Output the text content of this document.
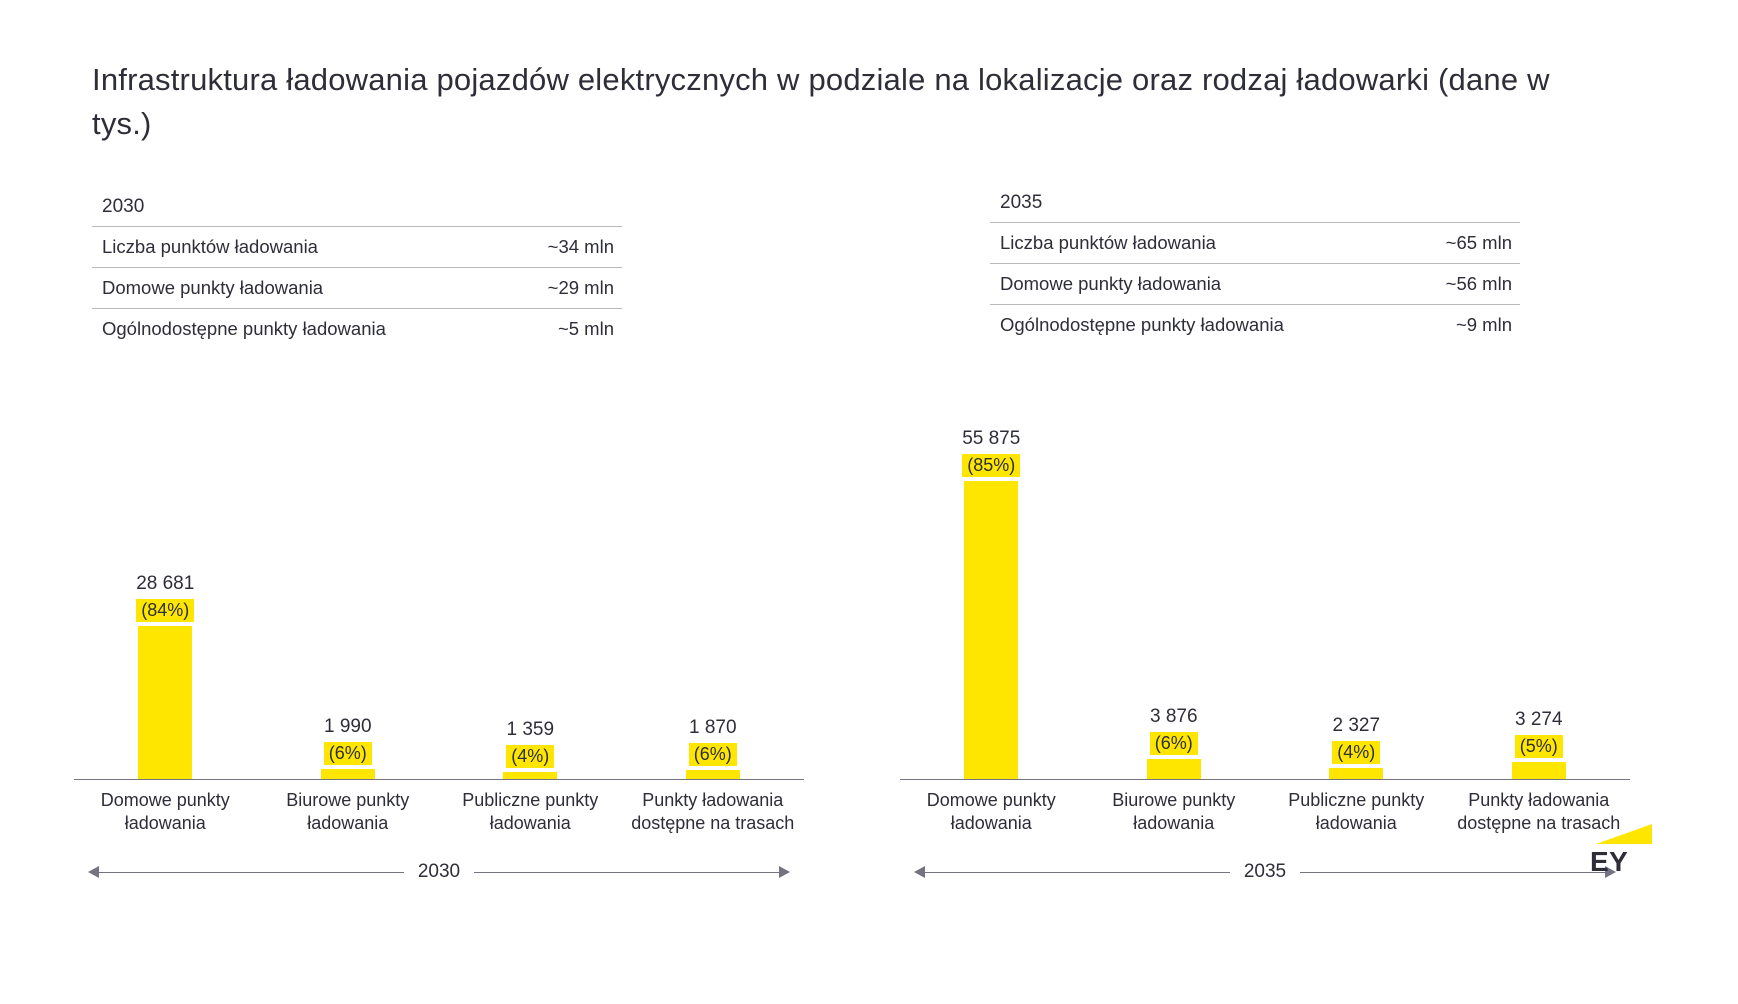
Infrastruktura ładowania pojazdów elektrycznych w podziale na lokalizacje oraz rodzaj ładowarki (dane w tys.)
2030
Liczba punktów ładowania	~34 mln
Domowe punkty ładowania	~29 mln
Ogólnodostępne punkty ładowania	~5 mln
2035
Liczba punktów ładowania	~65 mln
Domowe punkty ładowania	~56 mln
Ogólnodostępne punkty ładowania	~9 mln
28 681
(84%)
1 990
(6%)
1 359
(4%)
1 870
(6%)
Domowe punkty ładowania
Biurowe punkty ładowania
Publiczne punkty ładowania
Punkty ładowania dostępne na trasach
2030
55 875
(85%)
3 876
(6%)
2 327
(4%)
3 274
(5%)
Domowe punkty ładowania
Biurowe punkty ładowania
Publiczne punkty ładowania
Punkty ładowania dostępne na trasach
2035	EY
